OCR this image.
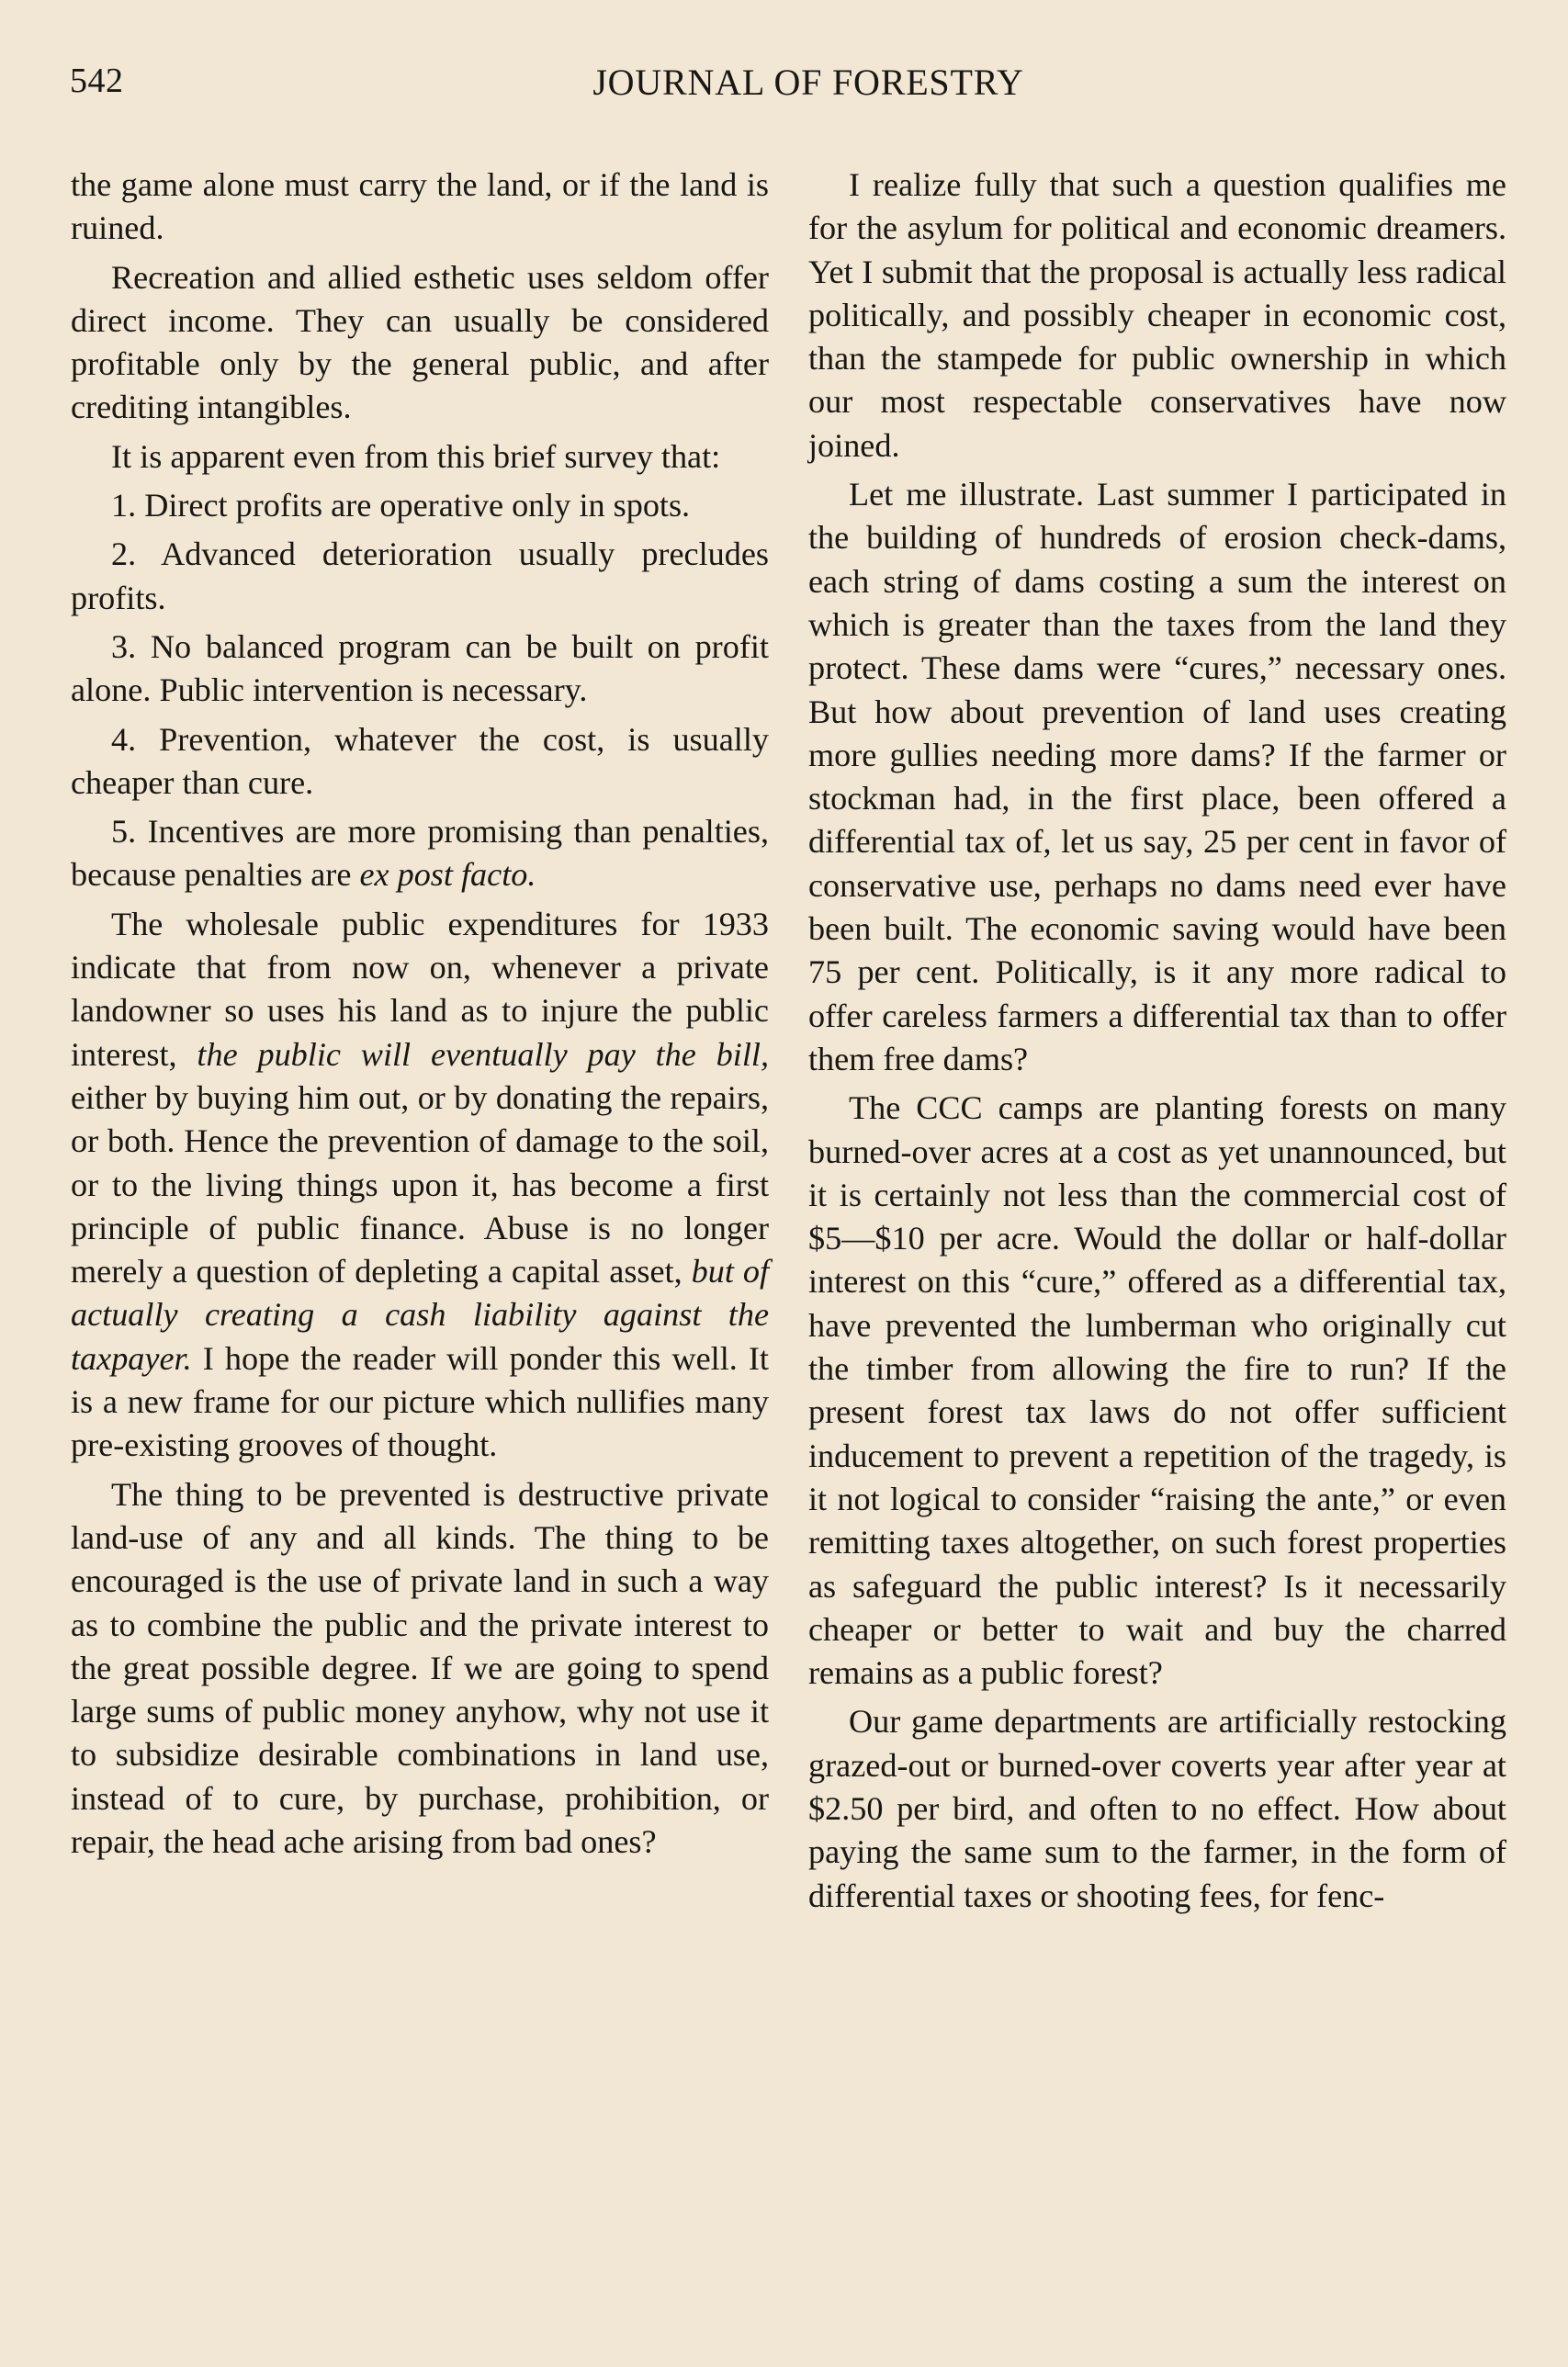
542	JOURNAL OF FORESTRY

the game alone must carry the land, or if the land is ruined.

Recreation and allied esthetic uses seldom offer direct income. They can usually be considered profitable only by the general public, and after crediting intangibles.

It is apparent even from this brief survey that:

1. Direct profits are operative only in spots.

2. Advanced deterioration usually precludes profits.

3. No balanced program can be built on profit alone. Public intervention is necessary.

4. Prevention, whatever the cost, is usually cheaper than cure.

5. Incentives are more promising than penalties, because penalties are ex post facto.

The wholesale public expenditures for 1933 indicate that from now on, whenever a private landowner so uses his land as to injure the public interest, the public will eventually pay the bill, either by buying him out, or by donating the repairs, or both. Hence the prevention of damage to the soil, or to the living things upon it, has become a first principle of public finance. Abuse is no longer merely a question of depleting a capital asset, but of actually creating a cash liability against the taxpayer. I hope the reader will ponder this well. It is a new frame for our picture which nullifies many pre-existing grooves of thought.

The thing to be prevented is destructive private land-use of any and all kinds. The thing to be encouraged is the use of private land in such a way as to combine the public and the private interest to the great possible degree. If we are going to spend large sums of public money anyhow, why not use it to subsidize desirable combinations in land use, instead of to cure, by purchase, prohibition, or repair, the head ache arising from bad ones?

I realize fully that such a question qualifies me for the asylum for political and economic dreamers. Yet I submit that the proposal is actually less radical politically, and possibly cheaper in economic cost, than the stampede for public ownership in which our most respectable conservatives have now joined.

Let me illustrate. Last summer I participated in the building of hundreds of erosion check-dams, each string of dams costing a sum the interest on which is greater than the taxes from the land they protect. These dams were “cures,” necessary ones. But how about prevention of land uses creating more gullies needing more dams? If the farmer or stockman had, in the first place, been offered a differential tax of, let us say, 25 per cent in favor of conservative use, perhaps no dams need ever have been built. The economic saving would have been 75 per cent. Politically, is it any more radical to offer careless farmers a differential tax than to offer them free dams?

The CCC camps are planting forests on many burned-over acres at a cost as yet unannounced, but it is certainly not less than the commercial cost of $5—$10 per acre. Would the dollar or half-dollar interest on this “cure,” offered as a differential tax, have prevented the lumberman who originally cut the timber from allowing the fire to run? If the present forest tax laws do not offer sufficient inducement to prevent a repetition of the tragedy, is it not logical to consider “raising the ante,” or even remitting taxes altogether, on such forest properties as safeguard the public interest? Is it necessarily cheaper or better to wait and buy the charred remains as a public forest?

Our game departments are artificially restocking grazed-out or burned-over coverts year after year at $2.50 per bird, and often to no effect. How about paying the same sum to the farmer, in the form of differential taxes or shooting fees, for fenc-
